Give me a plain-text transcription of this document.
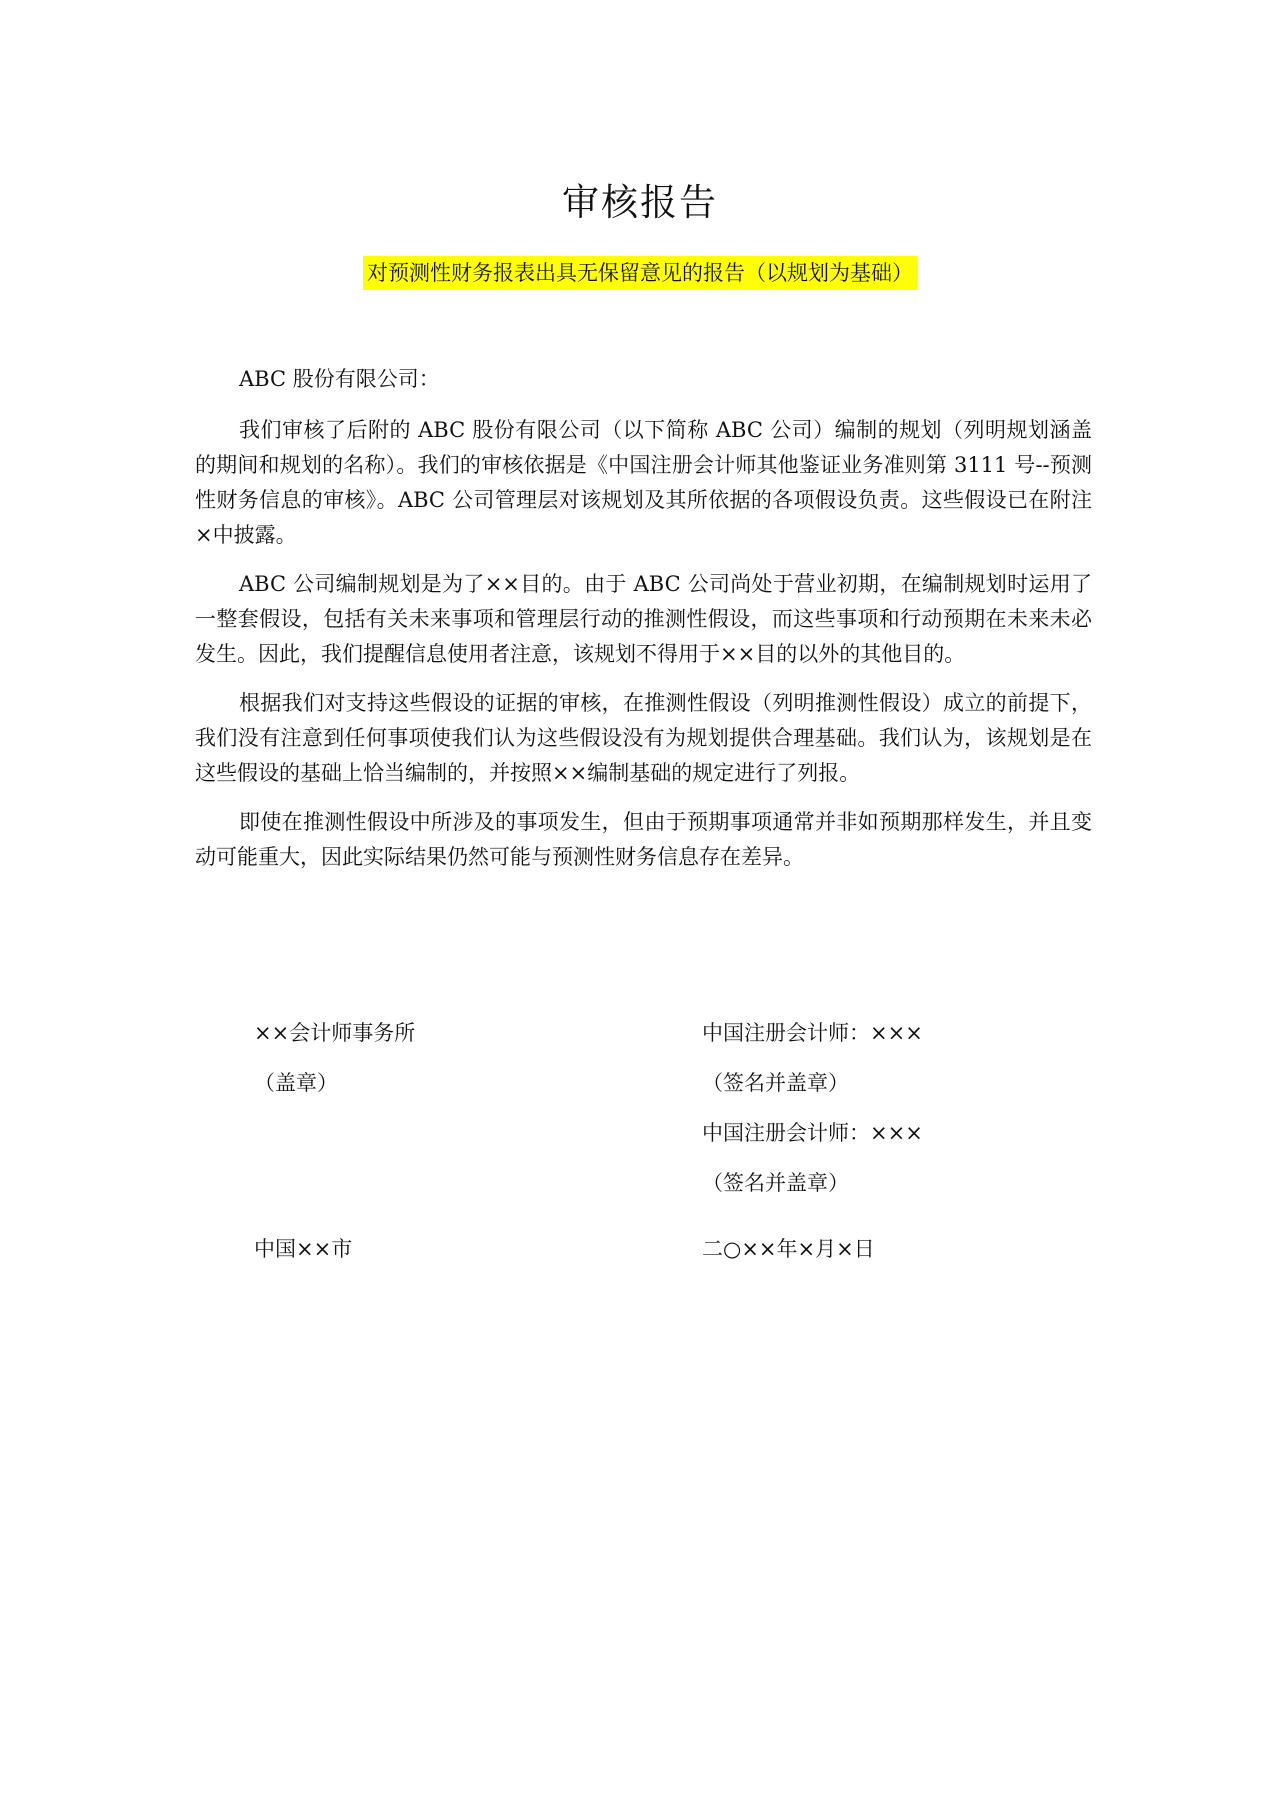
审核报告
对预测性财务报表出具无保留意见的报告（以规划为基础）

ABC 股份有限公司：

我们审核了后附的 ABC 股份有限公司（以下简称 ABC 公司）编制的规划（列明规划涵盖的期间和规划的名称）。我们的审核依据是《中国注册会计师其他鉴证业务准则第 3111 号--预测性财务信息的审核》。ABC 公司管理层对该规划及其所依据的各项假设负责。这些假设已在附注×中披露。

ABC 公司编制规划是为了××目的。由于 ABC 公司尚处于营业初期，在编制规划时运用了一整套假设，包括有关未来事项和管理层行动的推测性假设，而这些事项和行动预期在未来未必发生。因此，我们提醒信息使用者注意，该规划不得用于××目的以外的其他目的。

根据我们对支持这些假设的证据的审核，在推测性假设（列明推测性假设）成立的前提下，我们没有注意到任何事项使我们认为这些假设没有为规划提供合理基础。我们认为，该规划是在这些假设的基础上恰当编制的，并按照××编制基础的规定进行了列报。

即使在推测性假设中所涉及的事项发生，但由于预期事项通常并非如预期那样发生，并且变动可能重大，因此实际结果仍然可能与预测性财务信息存在差异。

××会计师事务所
（盖章）
中国注册会计师：×××
（签名并盖章）
中国注册会计师：×××
（签名并盖章）
中国××市	二○××年×月×日
